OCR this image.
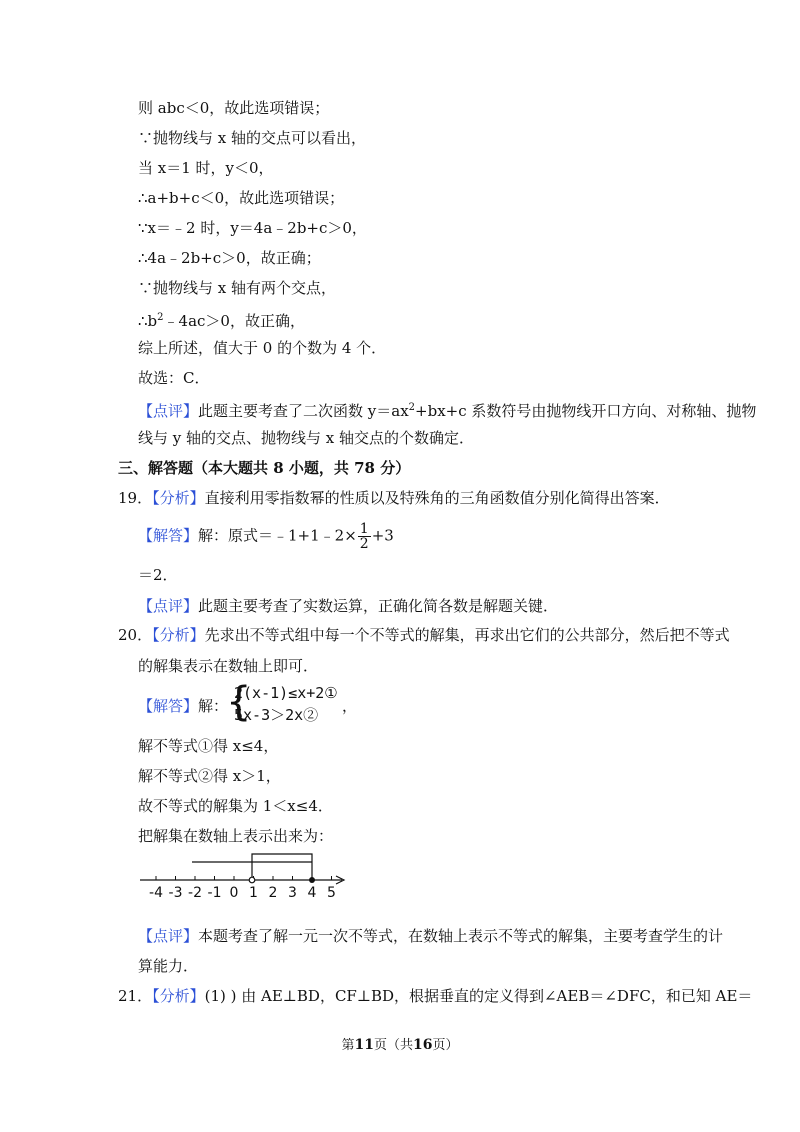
则 abc＜0，故此选项错误；
∵抛物线与 x 轴的交点可以看出，
当 x＝1 时，y＜0，
∴a+b+c＜0，故此选项错误；
∵x＝﹣2 时，y＝4a﹣2b+c＞0，
∴4a﹣2b+c＞0，故正确；
∵抛物线与 x 轴有两个交点，
$\therefore b^2﹣4ac>0$，故正确，
综上所述，值大于 0 的个数为 4 个．
故选：C．
【点评】此题主要考查了二次函数 $y=ax^2+bx+c$ 系数符号由抛物线开口方向、对称轴、抛物
线与 y 轴的交点、抛物线与 x 轴交点的个数确定．
三、解答题（本大题共 8 小题，共 78 分）
19．【分析】直接利用零指数幂的性质以及特殊角的三角函数值分别化简得出答案．
【解答】解：原式＝﹣1+1﹣2× $\frac{1}{2} +3$
＝2．
【点评】此题主要考查了实数运算，正确化简各数是解题关键．
20．【分析】先求出不等式组中每一个不等式的解集，再求出它们的公共部分，然后把不等式
的解集表示在数轴上即可．
【解答】解：
{
2(x-1)≤x+2①
5x-3＞2x② ，
解不等式①得 x≤4，
解不等式②得 x＞1，
故不等式的解集为 1＜x≤4．
把解集在数轴上表示出来为：
-4 -3 -2 -1 0 1 2 3 4 5
【点评】本题考查了解一元一次不等式，在数轴上表示不等式的解集，主要考查学生的计
算能力．
21．【分析】(1) ) 由 AE⊥BD，CF⊥BD，根据垂直的定义得到∠AEB＝∠DFC，和已知 AE＝
第11页（共16页）
